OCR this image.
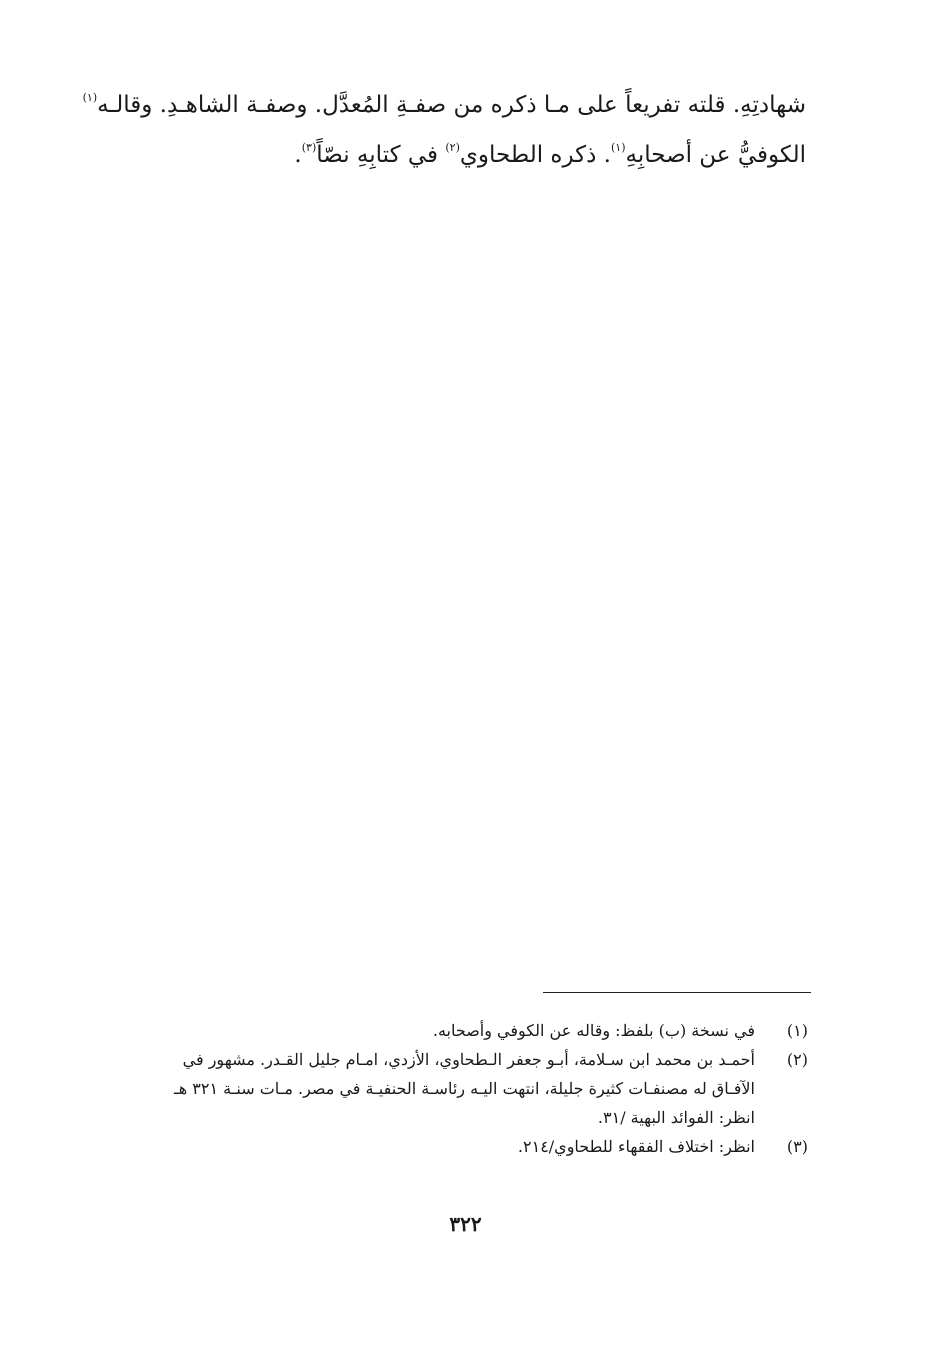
شهادتِهِ. قلته تفريعاً على مـا ذكره من صفـةِ المُعدَّل. وصفـة الشاهـدِ. وقالـه$^{(١)}$
الكوفيُّ عن أصحابِهِ$^{(١)}$. ذكره الطحاوي$^{(٢)}$ في كتابِهِ نصّاً$^{(٣)}$.
(١)
في نسخة (ب) بلفظ: وقاله عن الكوفي وأصحابه.
(٢)
أحمـد بن محمد ابن سـلامة، أبـو جعفر الـطحاوي، الأزدي، امـام جليل القـدر. مشهور في
الآفـاق له مصنفـات كثيرة جليلة، انتهت اليـه رئاسـة الحنفيـة في مصر. مـات سنـة ٣٢١ هـ
انظر: الفوائد البهية /٣١.
(٣)
انظر: اختلاف الفقهاء للطحاوي/٢١٤.
٣٢٢
